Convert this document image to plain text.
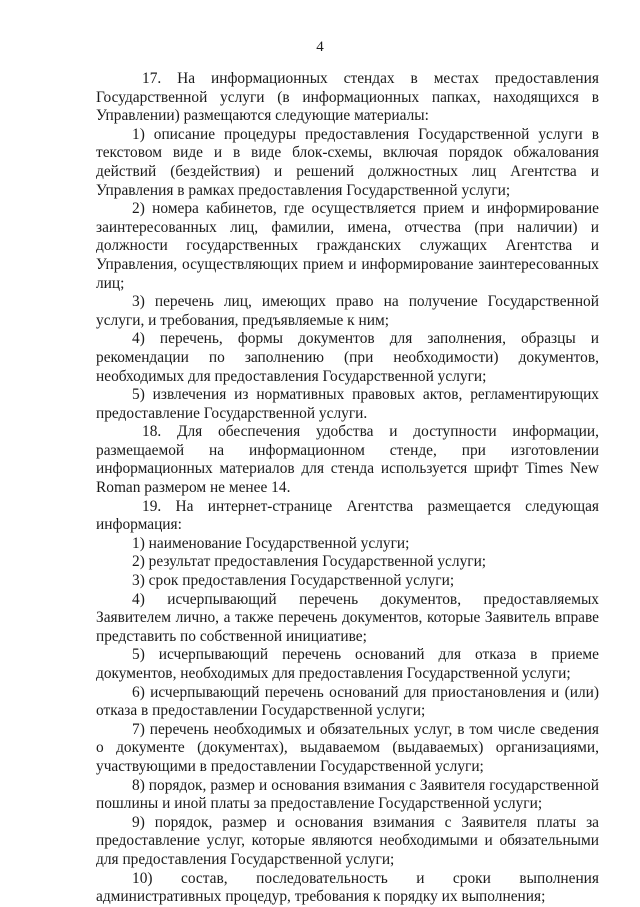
4

17. На информационных стендах в местах предоставления Государственной услуги (в информационных папках, находящихся в Управлении) размещаются следующие материалы:

1) описание процедуры предоставления Государственной услуги в текстовом виде и в виде блок-схемы, включая порядок обжалования действий (бездействия) и решений должностных лиц Агентства и Управления в рамках предоставления Государственной услуги;

2) номера кабинетов, где осуществляется прием и информирование заинтересованных лиц, фамилии, имена, отчества (при наличии) и должности государственных гражданских служащих Агентства и Управления, осуществляющих прием и информирование заинтересованных лиц;

3) перечень лиц, имеющих право на получение Государственной услуги, и требования, предъявляемые к ним;

4) перечень, формы документов для заполнения, образцы и рекомендации по заполнению (при необходимости) документов, необходимых для предоставления Государственной услуги;

5) извлечения из нормативных правовых актов, регламентирующих предоставление Государственной услуги.

18. Для обеспечения удобства и доступности информации, размещаемой на информационном стенде, при изготовлении информационных материалов для стенда используется шрифт Times New Roman размером не менее 14.

19. На интернет-странице Агентства размещается следующая информация:

1) наименование Государственной услуги;

2) результат предоставления Государственной услуги;

3) срок предоставления Государственной услуги;

4) исчерпывающий перечень документов, предоставляемых Заявителем лично, а также перечень документов, которые Заявитель вправе представить по собственной инициативе;

5) исчерпывающий перечень оснований для отказа в приеме документов, необходимых для предоставления Государственной услуги;

6) исчерпывающий перечень оснований для приостановления и (или) отказа в предоставлении Государственной услуги;

7) перечень необходимых и обязательных услуг, в том числе сведения о документе (документах), выдаваемом (выдаваемых) организациями, участвующими в предоставлении Государственной услуги;

8) порядок, размер и основания взимания с Заявителя государственной пошлины и иной платы за предоставление Государственной услуги;

9) порядок, размер и основания взимания с Заявителя платы за предоставление услуг, которые являются необходимыми и обязательными для предоставления Государственной услуги;

10) состав, последовательность и сроки выполнения административных процедур, требования к порядку их выполнения;
